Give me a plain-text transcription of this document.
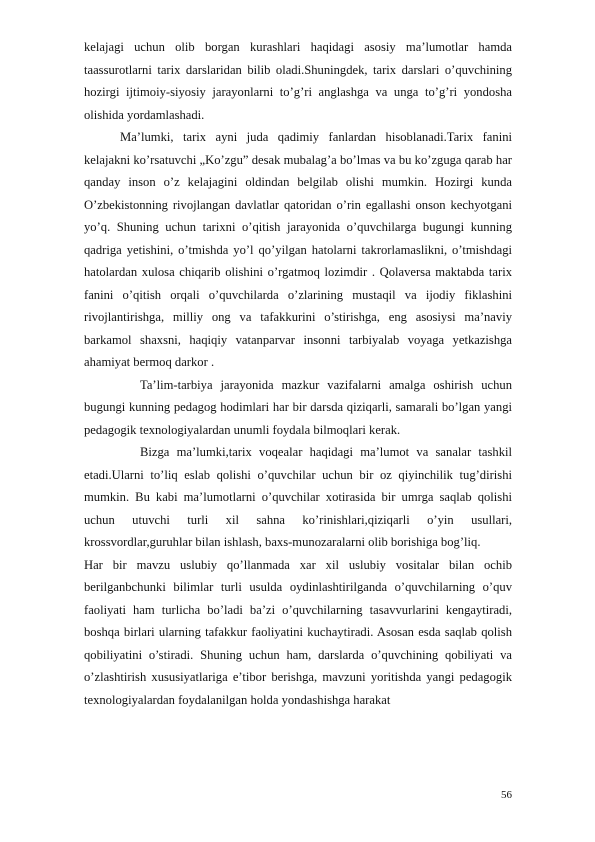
kelajagi uchun olib borgan kurashlari haqidagi asosiy ma’lumotlar hamda taassurotlarni tarix darslaridan bilib oladi.Shuningdek, tarix darslari o’quvchining hozirgi ijtimoiy-siyosiy jarayonlarni to’g’ri anglashga va unga to’g’ri yondosha olishida yordamlashadi.

Ma’lumki, tarix ayni juda qadimiy fanlardan hisoblanadi.Tarix fanini kelajakni ko’rsatuvchi „Ko’zgu” desak mubalag’a bo’lmas va bu ko’zguga qarab har qanday inson o’z kelajagini oldindan belgilab olishi mumkin. Hozirgi kunda O’zbekistonning rivojlangan davlatlar qatoridan o’rin egallashi onson kechyotgani yo’q. Shuning uchun tarixni o’qitish jarayonida o’quvchilarga bugungi kunning qadriga yetishini, o’tmishda yo’l qo’yilgan hatolarni takrorlamaslikni, o’tmishdagi hatolardan xulosa chiqarib olishini o’rgatmoq lozimdir . Qolaversa maktabda tarix fanini o’qitish orqali o’quvchilarda o’zlarining mustaqil va ijodiy fiklashini rivojlantirishga, milliy ong va tafakkurini o’stirishga, eng asosiysi ma’naviy barkamol shaxsni, haqiqiy vatanparvar insonni tarbiyalab voyaga yetkazishga ahamiyat bermoq darkor .

Ta’lim-tarbiya jarayonida mazkur vazifalarni amalga oshirish uchun bugungi kunning pedagog hodimlari har bir darsda qiziqarli, samarali bo’lgan yangi pedagogik texnologiyalardan unumli foydala bilmoqlari kerak.

Bizga ma’lumki,tarix voqealar haqidagi ma’lumot va sanalar tashkil etadi.Ularni to’liq eslab qolishi o’quvchilar uchun bir oz qiyinchilik tug’dirishi mumkin. Bu kabi ma’lumotlarni o’quvchilar xotirasida bir umrga saqlab qolishi uchun utuvchi turli xil sahna ko’rinishlari,qiziqarli o’yin usullari, krossvordlar,guruhlar bilan ishlash, baxs-munozaralarni olib borishiga bog’liq.

Har bir mavzu uslubiy qo’llanmada xar xil uslubiy vositalar bilan ochib berilganbchunki bilimlar turli usulda oydinlashtirilganda o’quvchilarning o’quv faoliyati ham turlicha bo’ladi ba’zi o’quvchilarning tasavvurlarini kengaytiradi, boshqa birlari ularning tafakkur faoliyatini kuchaytiradi. Asosan esda saqlab qolish qobiliyatini o’stiradi. Shuning uchun ham, darslarda o’quvchining qobiliyati va o’zlashtirish xususiyatlariga e’tibor berishga, mavzuni yoritishda yangi pedagogik texnologiyalardan foydalanilgan holda yondashishga harakat

56
